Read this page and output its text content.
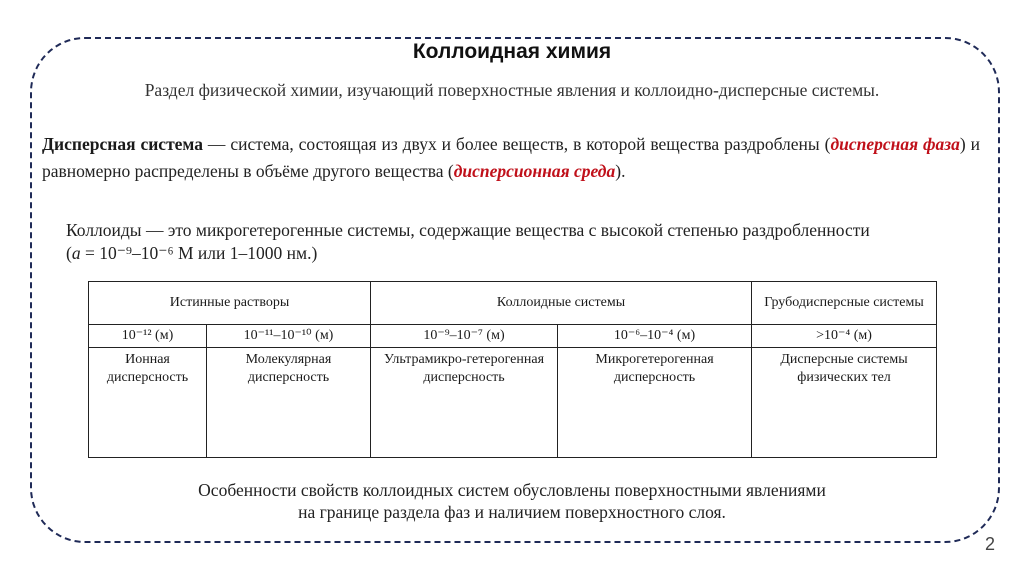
Коллоидная химия
Раздел физической химии, изучающий поверхностные явления и коллоидно-дисперсные системы.
Дисперсная система — система, состоящая из двух и более веществ, в которой вещества раздроблены (дисперсная фаза) и равномерно распределены в объёме другого вещества (дисперсионная среда).
Коллоиды — это микрогетерогенные системы, содержащие вещества с высокой степенью раздробленности
(a = 10⁻⁹–10⁻⁶ М или 1–1000 нм.)
Истинные растворы		Коллоидные системы		Грубодисперсные системы
10⁻¹² (м)	10⁻¹¹–10⁻¹⁰ (м)	10⁻⁹–10⁻⁷ (м)	10⁻⁶–10⁻⁴ (м)	>10⁻⁴ (м)
Ионная дисперсность	Молекулярная дисперсность	Ультрамикро-гетерогенная дисперсность	Микрогетерогенная дисперсность	Дисперсные системы физических тел
Особенности свойств коллоидных систем обусловлены поверхностными явлениями
на границе раздела фаз и наличием поверхностного слоя.
2
